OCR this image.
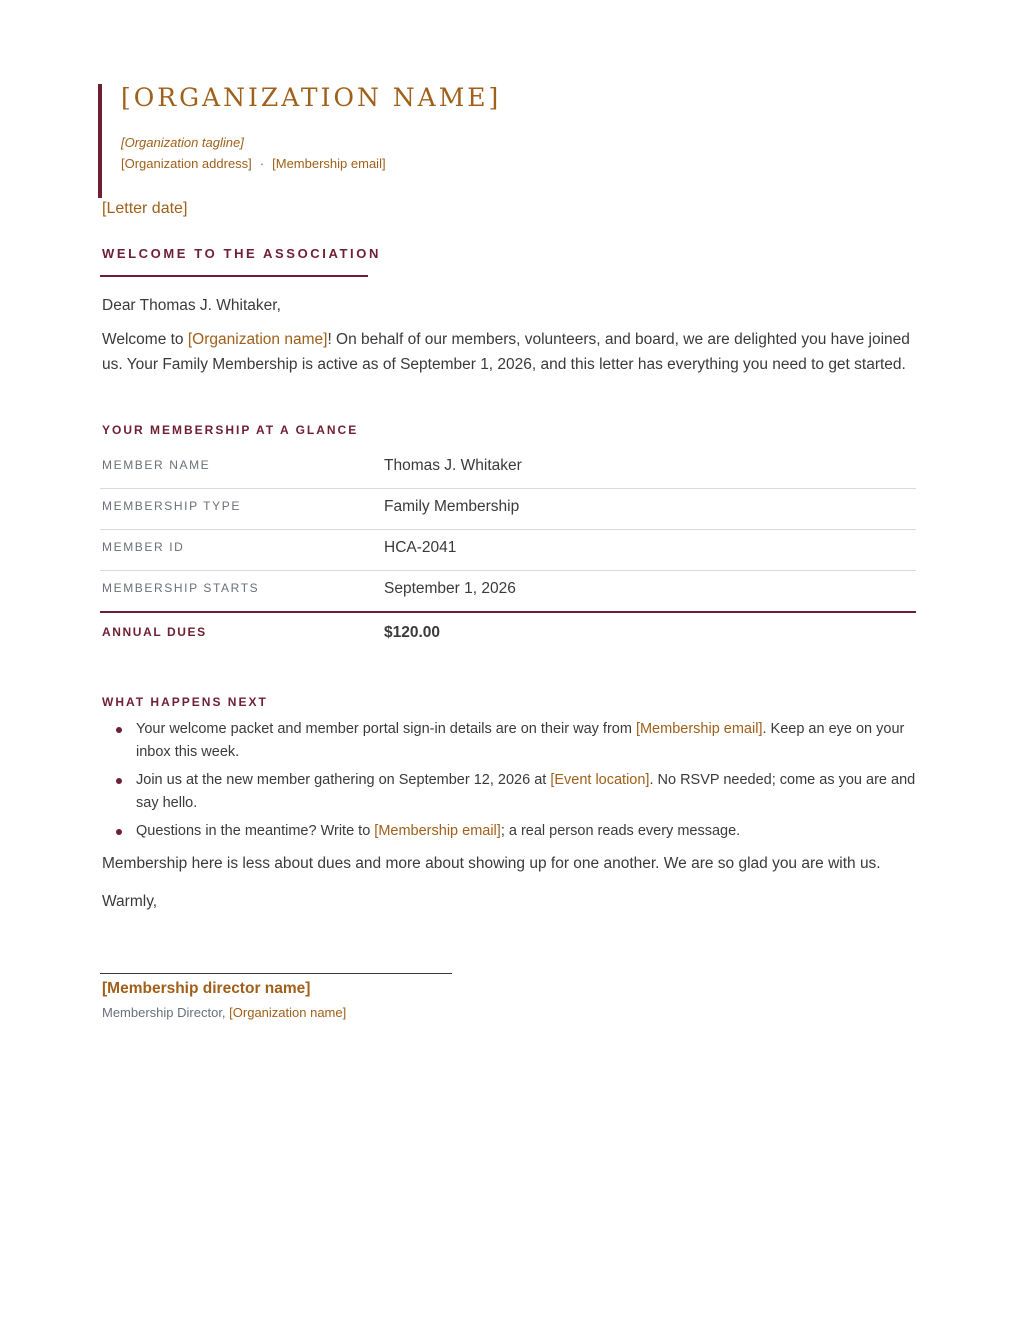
[ORGANIZATION NAME]
[Organization tagline]
[Organization address] · [Membership email]
[Letter date]
WELCOME TO THE ASSOCIATION

Dear Thomas J. Whitaker,

Welcome to [Organization name]! On behalf of our members, volunteers, and board, we are delighted you have joined us. Your Family Membership is active as of September 1, 2026, and this letter has everything you need to get started.

YOUR MEMBERSHIP AT A GLANCE
MEMBER NAME	Thomas J. Whitaker
MEMBERSHIP TYPE	Family Membership
MEMBER ID	HCA-2041
MEMBERSHIP STARTS	September 1, 2026
ANNUAL DUES	$120.00
WHAT HAPPENS NEXT
Your welcome packet and member portal sign-in details are on their way from [Membership email]. Keep an eye on your inbox this week.
Join us at the new member gathering on September 12, 2026 at [Event location]. No RSVP needed; come as you are and say hello.
Questions in the meantime? Write to [Membership email]; a real person reads every message.

Membership here is less about dues and more about showing up for one another. We are so glad you are with us.

Warmly,

[Membership director name]
Membership Director, [Organization name]
